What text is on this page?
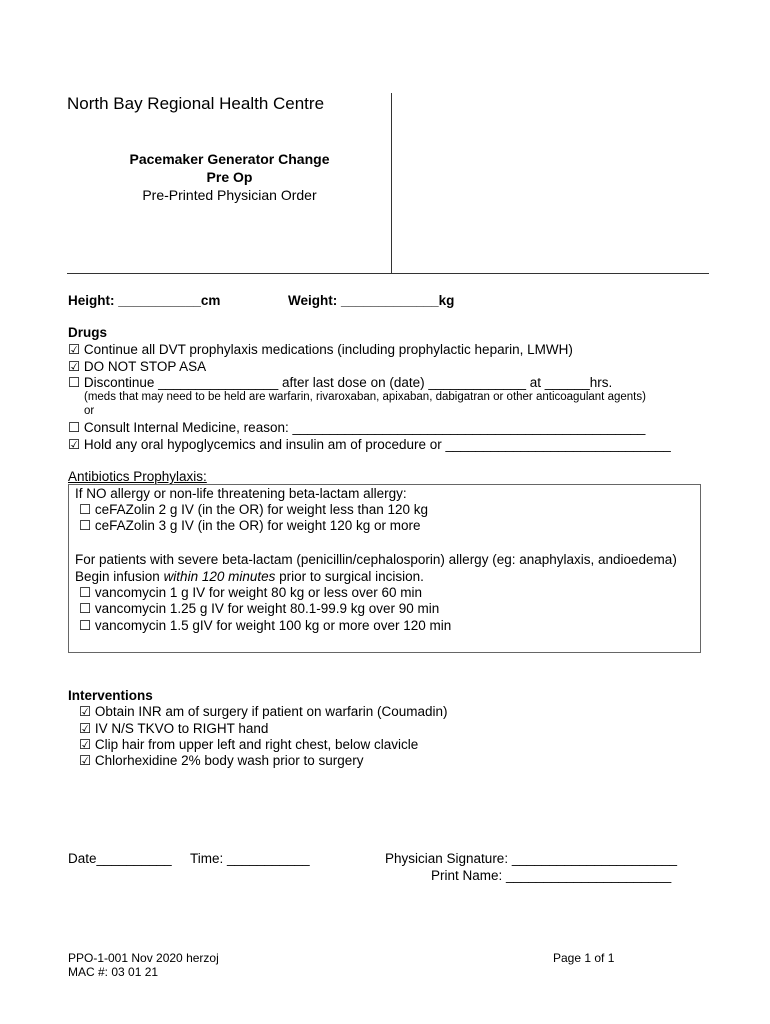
North Bay Regional Health Centre
Pacemaker Generator Change
Pre Op
Pre-Printed Physician Order
Height: ___________cm	Weight: _____________kg
Drugs
☑ Continue all DVT prophylaxis medications (including prophylactic heparin, LMWH)
☑ DO NOT STOP ASA
☐ Discontinue ________________ after last dose on (date) _____________ at ______hrs.
(meds that may need to be held are warfarin, rivaroxaban, apixaban, dabigatran or other anticoagulant agents)
or
☐ Consult Internal Medicine, reason: _______________________________________________
☑ Hold any oral hypoglycemics and insulin am of procedure or ______________________________
Antibiotics Prophylaxis:
If NO allergy or non-life threatening beta-lactam allergy:
☐ ceFAZolin 2 g IV (in the OR) for weight less than 120 kg
☐ ceFAZolin 3 g IV (in the OR) for weight 120 kg or more
For patients with severe beta-lactam (penicillin/cephalosporin) allergy (eg: anaphylaxis, andioedema)
Begin infusion within 120 minutes prior to surgical incision.
☐ vancomycin 1 g IV for weight 80 kg or less over 60 min
☐ vancomycin 1.25 g IV for weight 80.1-99.9 kg over 90 min
☐ vancomycin 1.5 gIV for weight 100 kg or more over 120 min
Interventions
☑ Obtain INR am of surgery if patient on warfarin (Coumadin)
☑ IV N/S TKVO to RIGHT hand
☑ Clip hair from upper left and right chest, below clavicle
☑ Chlorhexidine 2% body wash prior to surgery
Date__________ Time: ___________	Physician Signature: ______________________
Print Name: ______________________
PPO-1-001 Nov 2020 herzoj
MAC #: 03 01 21
Page 1 of 1
